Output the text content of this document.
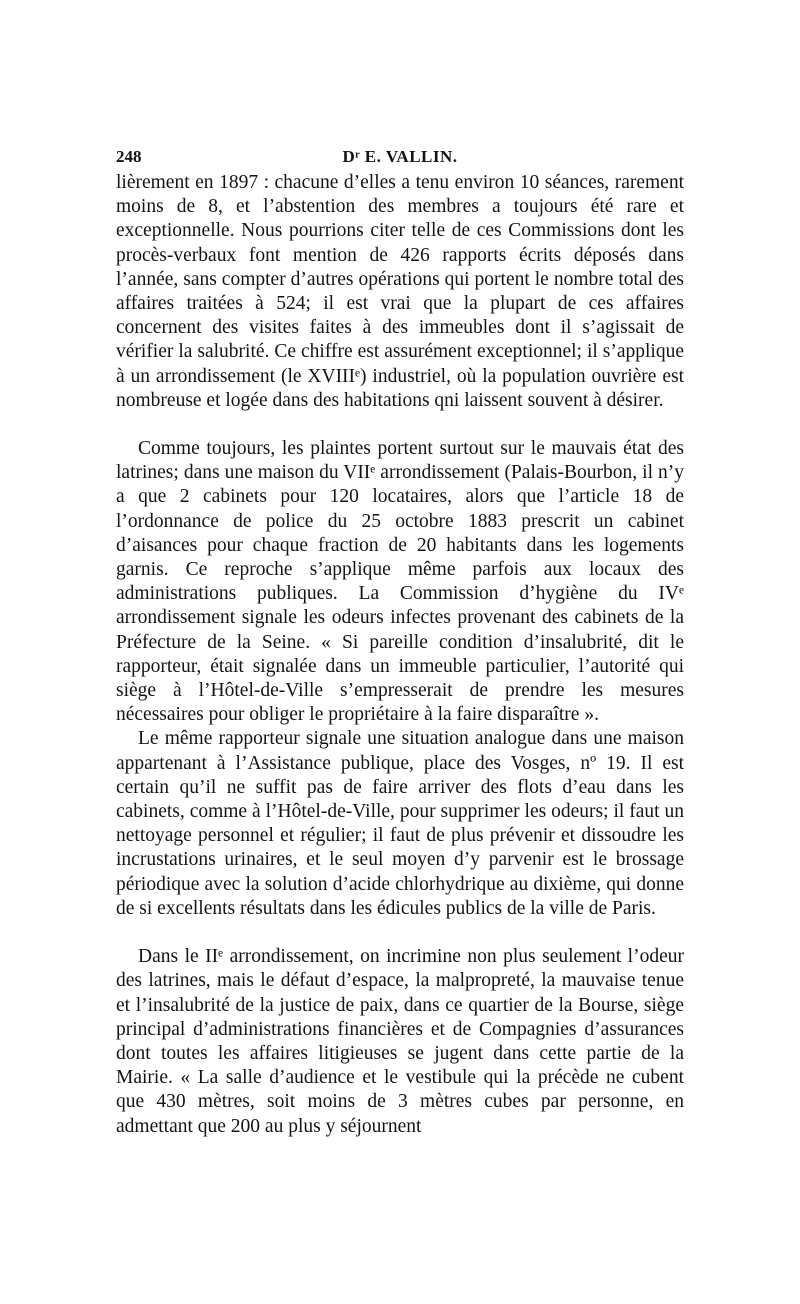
248	Dʳ E. VALLIN.

lièrement en 1897 : chacune d’elles a tenu environ 10 séances, rarement moins de 8, et l’abstention des membres a toujours été rare et exceptionnelle. Nous pourrions citer telle de ces Commissions dont les procès-verbaux font mention de 426 rapports écrits déposés dans l’année, sans compter d’autres opérations qui portent le nombre total des affaires traitées à 524; il est vrai que la plupart de ces affaires concernent des visites faites à des immeubles dont il s’agissait de vérifier la salubrité. Ce chiffre est assurément exceptionnel; il s’applique à un arrondissement (le XVIIIᵉ) industriel, où la population ouvrière est nombreuse et logée dans des habitations qni laissent souvent à désirer.

Comme toujours, les plaintes portent surtout sur le mauvais état des latrines; dans une maison du VIIᵉ arrondissement (Palais-Bourbon, il n’y a que 2 cabinets pour 120 locataires, alors que l’article 18 de l’ordonnance de police du 25 octobre 1883 prescrit un cabinet d’aisances pour chaque fraction de 20 habitants dans les logements garnis. Ce reproche s’applique même parfois aux locaux des administrations publiques. La Commission d’hygiène du IVᵉ arrondissement signale les odeurs infectes provenant des cabinets de la Préfecture de la Seine. « Si pareille condition d’insalubrité, dit le rapporteur, était signalée dans un immeuble particulier, l’autorité qui siège à l’Hôtel-de-Ville s’empresserait de prendre les mesures nécessaires pour obliger le propriétaire à la faire disparaître ».

Le même rapporteur signale une situation analogue dans une maison appartenant à l’Assistance publique, place des Vosges, nº 19. Il est certain qu’il ne suffit pas de faire arriver des flots d’eau dans les cabinets, comme à l’Hôtel-de-Ville, pour supprimer les odeurs; il faut un nettoyage personnel et régulier; il faut de plus prévenir et dissoudre les incrustations urinaires, et le seul moyen d’y parvenir est le brossage périodique avec la solution d’acide chlorhydrique au dixième, qui donne de si excellents résultats dans les édicules publics de la ville de Paris.

Dans le IIᵉ arrondissement, on incrimine non plus seulement l’odeur des latrines, mais le défaut d’espace, la malpropreté, la mauvaise tenue et l’insalubrité de la justice de paix, dans ce quartier de la Bourse, siège principal d’administrations financières et de Compagnies d’assurances dont toutes les affaires litigieuses se jugent dans cette partie de la Mairie. « La salle d’audience et le vestibule qui la précède ne cubent que 430 mètres, soit moins de 3 mètres cubes par personne, en admettant que 200 au plus y séjournent
